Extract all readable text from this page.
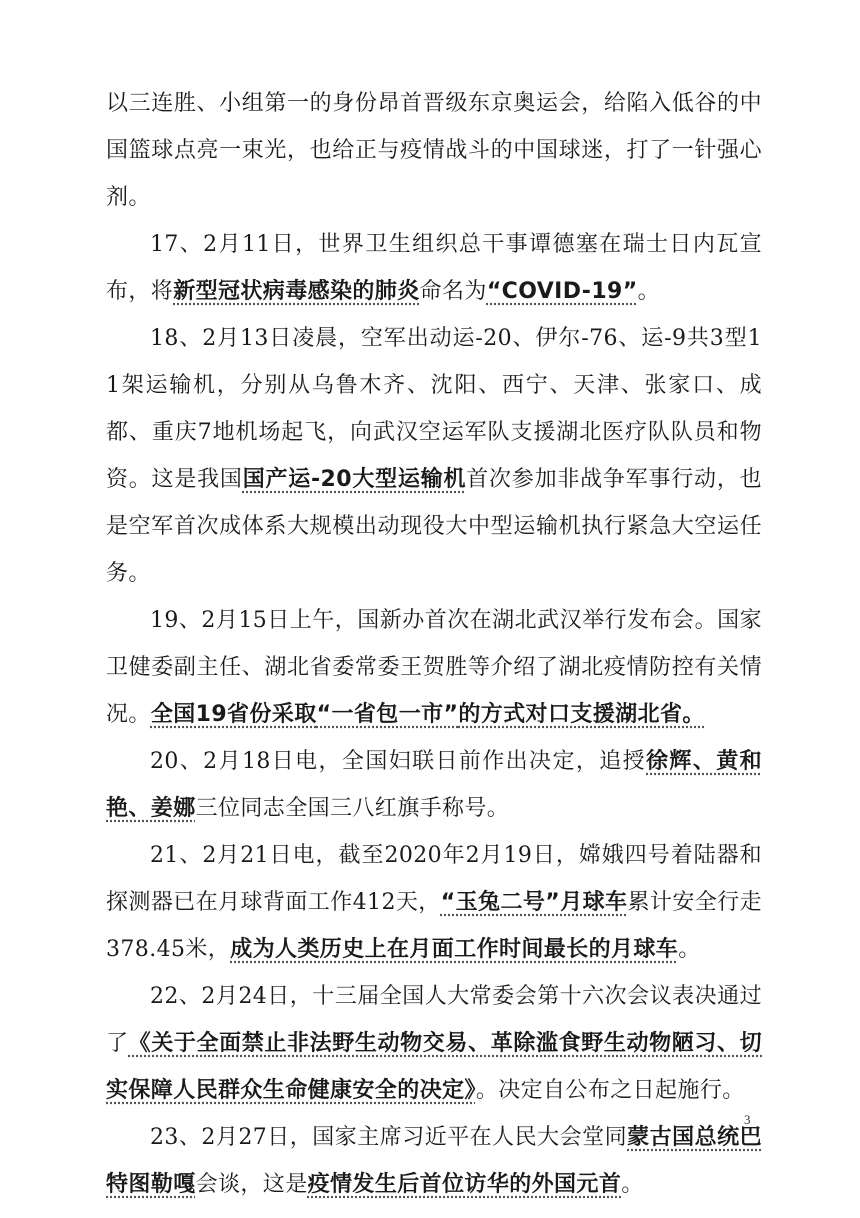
以三连胜、小组第一的身份昂首晋级东京奥运会，给陷入低谷的中国篮球点亮一束光，也给正与疫情战斗的中国球迷，打了一针强心剂。

17、2月11日，世界卫生组织总干事谭德塞在瑞士日内瓦宣布，将新型冠状病毒感染的肺炎命名为“COVID-19”。

18、2月13日凌晨，空军出动运-20、伊尔-76、运-9共3型11架运输机，分别从乌鲁木齐、沈阳、西宁、天津、张家口、成都、重庆7地机场起飞，向武汉空运军队支援湖北医疗队队员和物资。这是我国国产运-20大型运输机首次参加非战争军事行动，也是空军首次成体系大规模出动现役大中型运输机执行紧急大空运任务。

19、2月15日上午，国新办首次在湖北武汉举行发布会。国家卫健委副主任、湖北省委常委王贺胜等介绍了湖北疫情防控有关情况。全国19省份采取“一省包一市”的方式对口支援湖北省。

20、2月18日电，全国妇联日前作出决定，追授徐辉、黄和艳、姜娜三位同志全国三八红旗手称号。

21、2月21日电，截至2020年2月19日，嫦娥四号着陆器和探测器已在月球背面工作412天，“玉兔二号”月球车累计安全行走378.45米，成为人类历史上在月面工作时间最长的月球车。

22、2月24日，十三届全国人大常委会第十六次会议表决通过了《关于全面禁止非法野生动物交易、革除滥食野生动物陋习、切实保障人民群众生命健康安全的决定》。决定自公布之日起施行。

23、2月27日，国家主席习近平在人民大会堂同蒙古国总统巴特图勒嘎会谈，这是疫情发生后首位访华的外国元首。

3
